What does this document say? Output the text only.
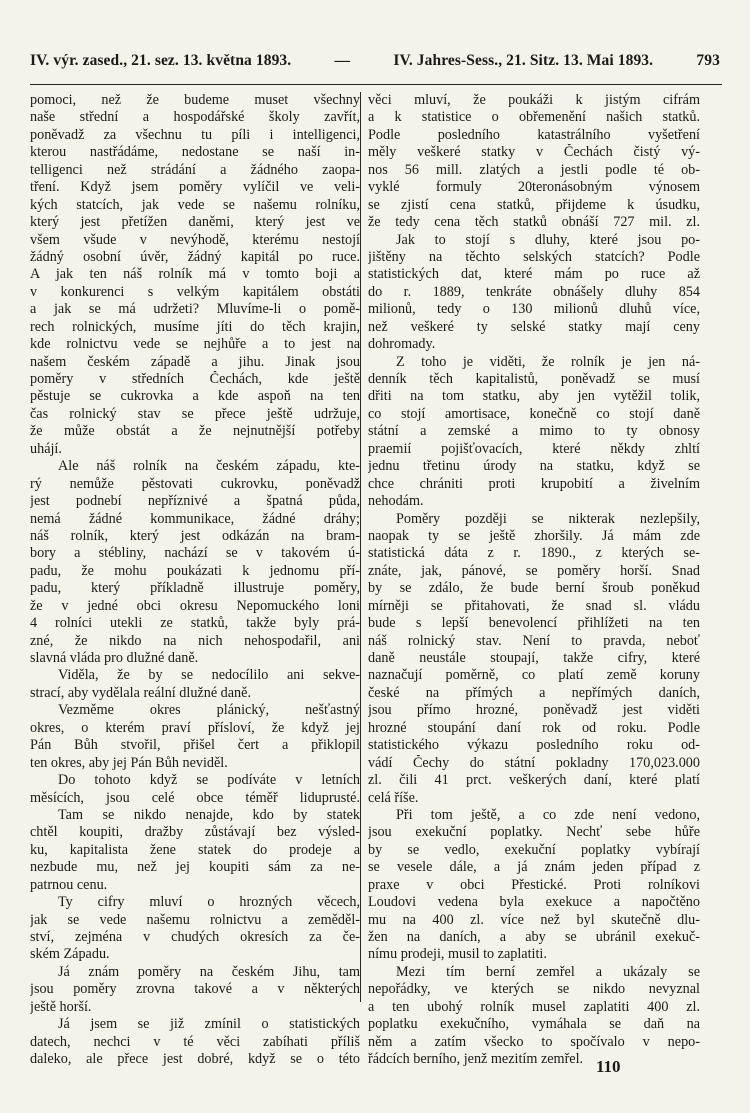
IV. výr. zased., 21. sez. 13. května 1893.	—	IV. Jahres-Sess., 21. Sitz. 13. Mai 1893.	793
pomoci, než že budeme muset všechny
naše střední a hospodářské školy zavřít,
poněvadž za všechnu tu píli i intelligenci,
kterou nastřádáme, nedostane se naší in-
telligenci než strádání a žádného zaopa-
tření. Když jsem poměry vylíčil ve veli-
kých statcích, jak vede se našemu rolníku,
který jest přetížen daněmi, který jest ve
všem všude v nevýhodě, kterému nestojí
žádný osobní úvěr, žádný kapitál po ruce.
A jak ten náš rolník má v tomto boji a
v konkurenci s velkým kapitálem obstáti
a jak se má udržeti? Mluvíme-li o pomě-
rech rolnických, musíme jíti do těch krajin,
kde rolnictvu vede se nejhůře a to jest na
našem českém západě a jihu. Jinak jsou
poměry v středních Čechách, kde ještě
pěstuje se cukrovka a kde aspoň na ten
čas rolnický stav se přece ještě udržuje,
že může obstát a že nejnutnější potřeby
uhájí.
Ale náš rolník na českém západu, kte-
rý nemůže pěstovati cukrovku, poněvadž
jest podnebí nepříznivé a špatná půda,
nemá žádné kommunikace, žádné dráhy;
náš rolník, který jest odkázán na bram-
bory a stébliny, nachází se v takovém ú-
padu, že mohu poukázati k jednomu pří-
padu, který příkladně illustruje poměry,
že v jedné obci okresu Nepomuckého loni
4 rolníci utekli ze statků, takže byly prá-
zné, že nikdo na nich nehospodařil, ani
slavná vláda pro dlužné daně.
Viděla, že by se nedocílilo ani sekve-
strací, aby vydělala reální dlužné daně.
Vezměme okres plánický, nešťastný
okres, o kterém praví přísloví, že když jej
Pán Bůh stvořil, přišel čert a přiklopil
ten okres, aby jej Pán Bůh neviděl.
Do tohoto když se podíváte v letních
měsících, jsou celé obce téměř liduprusté.
Tam se nikdo nenajde, kdo by statek
chtěl koupiti, dražby zůstávají bez výsled-
ku, kapitalista žene statek do prodeje a
nezbude mu, než jej koupiti sám za ne-
patrnou cenu.
Ty cifry mluví o hrozných věcech,
jak se vede našemu rolnictvu a zeměděl-
ství, zejména v chudých okresích za če-
ském Západu.
Já znám poměry na českém Jihu, tam
jsou poměry zrovna takové a v některých
ještě horší.
Já jsem se již zmínil o statistických
datech, nechci v té věci zabíhati příliš
daleko, ale přece jest dobré, když se o této
věci mluví, že poukáži k jistým cifrám
a k statistice o obřemenění našich statků.
Podle posledního katastrálního vyšetření
měly veškeré statky v Čechách čistý vý-
nos 56 mill. zlatých a jestli podle té ob-
vyklé formuly 20teronásobným výnosem
se zjistí cena statků, přijdeme k úsudku,
že tedy cena těch statků obnáší 727 mil. zl.
Jak to stojí s dluhy, které jsou po-
jištěny na těchto selských statcích? Podle
statistických dat, které mám po ruce až
do r. 1889, tenkráte obnášely dluhy 854
milionů, tedy o 130 milionů dluhů více,
než veškeré ty selské statky mají ceny
dohromady.
Z toho je viděti, že rolník je jen ná-
denník těch kapitalistů, poněvadž se musí
dřiti na tom statku, aby jen vytěžil tolik,
co stojí amortisace, konečně co stojí daně
státní a zemské a mimo to ty obnosy
praemií pojišťovacích, které někdy zhltí
jednu třetinu úrody na statku, když se
chce chrániti proti krupobití a živelním
nehodám.
Poměry později se nikterak nezlepšily,
naopak ty se ještě zhoršily. Já mám zde
statistická dáta z r. 1890., z kterých se-
znáte, jak, pánové, se poměry horší. Snad
by se zdálo, že bude berní šroub poněkud
mírněji se přitahovati, že snad sl. vládu
bude s lepší benevolencí přihlížeti na ten
náš rolnický stav. Není to pravda, neboť
daně neustále stoupají, takže cifry, které
naznačují poměrně, co platí země koruny
české na přímých a nepřímých daních,
jsou přímo hrozné, poněvadž jest viděti
hrozné stoupání daní rok od roku. Podle
statistického výkazu posledního roku od-
vádí Čechy do státní pokladny 170,023.000
zl. čili 41 prct. veškerých daní, které platí
celá říše.
Při tom ještě, a co zde není vedono,
jsou exekuční poplatky. Nechť sebe hůře
by se vedlo, exekuční poplatky vybírají
se vesele dále, a já znám jeden případ z
praxe v obci Přestické. Proti rolníkovi
Loudovi vedena byla exekuce a napočtěno
mu na 400 zl. více než byl skutečně dlu-
žen na daních, a aby se ubránil exekuč-
nímu prodeji, musil to zaplatiti.
Mezi tím berní zemřel a ukázaly se
nepořádky, ve kterých se nikdo nevyznal
a ten ubohý rolník musel zaplatiti 400 zl.
poplatku exekučního, vymáhala se daň na
něm a zatím všecko to spočívalo v nepo-
řádcích berního, jenž mezitím zemřel. 110
